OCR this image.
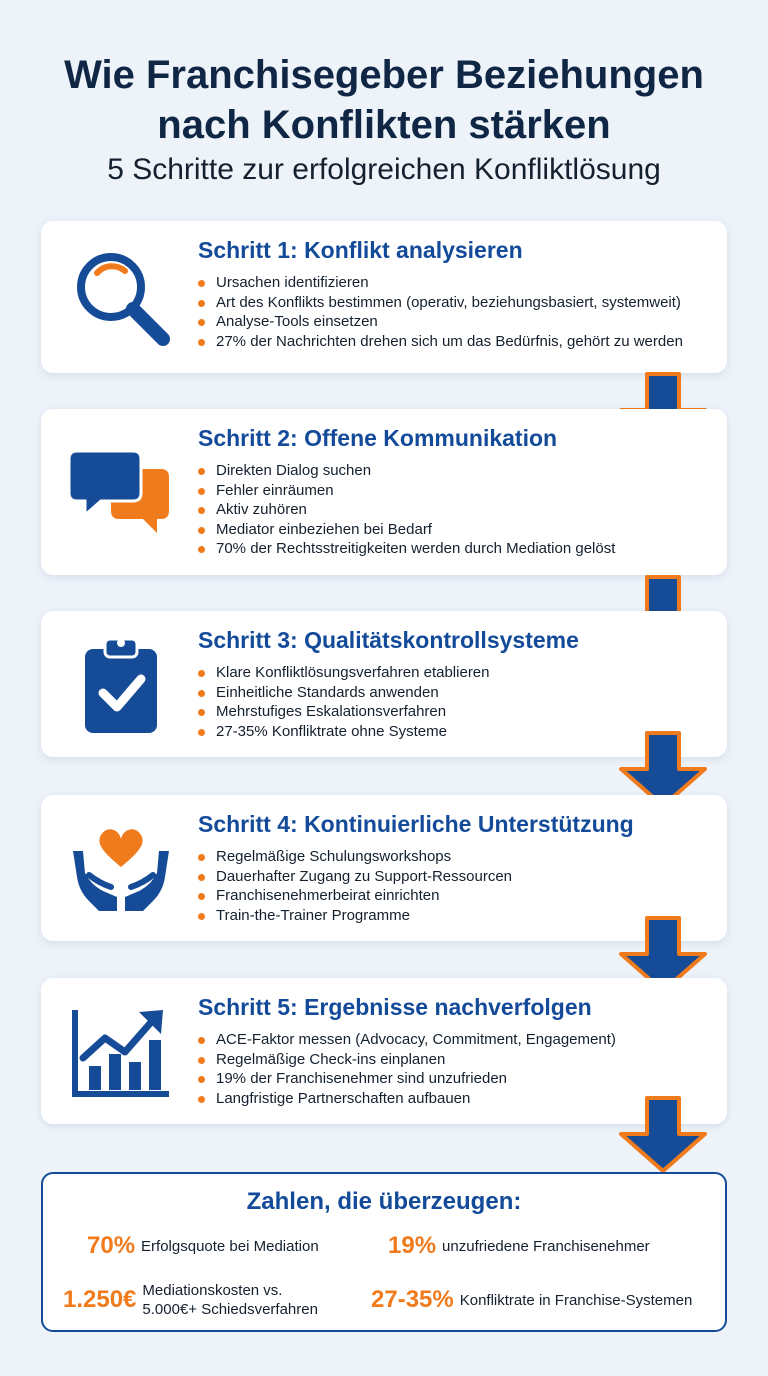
Wie Franchisegeber Beziehungen
nach Konflikten stärken
5 Schritte zur erfolgreichen Konfliktlösung
Schritt 1: Konflikt analysieren
Ursachen identifizieren
Art des Konflikts bestimmen (operativ, beziehungsbasiert, systemweit)
Analyse-Tools einsetzen
27% der Nachrichten drehen sich um das Bedürfnis, gehört zu werden
Schritt 2: Offene Kommunikation
Direkten Dialog suchen
Fehler einräumen
Aktiv zuhören
Mediator einbeziehen bei Bedarf
70% der Rechtsstreitigkeiten werden durch Mediation gelöst
Schritt 3: Qualitätskontrollsysteme
Klare Konfliktlösungsverfahren etablieren
Einheitliche Standards anwenden
Mehrstufiges Eskalationsverfahren
27-35% Konfliktrate ohne Systeme
Schritt 4: Kontinuierliche Unterstützung
Regelmäßige Schulungsworkshops
Dauerhafter Zugang zu Support-Ressourcen
Franchisenehmerbeirat einrichten
Train-the-Trainer Programme
Schritt 5: Ergebnisse nachverfolgen
ACE-Faktor messen (Advocacy, Commitment, Engagement)
Regelmäßige Check-ins einplanen
19% der Franchisenehmer sind unzufrieden
Langfristige Partnerschaften aufbauen
Zahlen, die überzeugen:
70% Erfolgsquote bei Mediation	19% unzufriedene Franchisenehmer
1.250€ Mediationskosten vs.
5.000€+ Schiedsverfahren 27-35% Konfliktrate in Franchise-Systemen
